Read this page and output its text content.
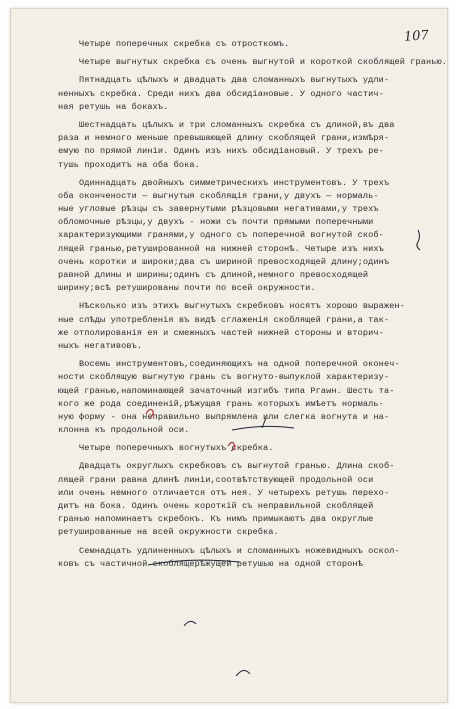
107
Четыре поперечных скребка съ отросткомъ.
Четыре выгнутых скребка съ очень выгнутой и короткой скоблящей гранью.
Пятнадцать цѣлыхъ и двадцать два сломанныхъ выгнутыхъ удли-
ненныхъ скребка. Среди нихъ два обсидiановые. У одного частич-
ная ретушь на бокахъ.
Шестнадцать цѣлыхъ и три сломанныхъ скребка съ длиной,въ два
раза и немного меньше превышающей длину скоблящей грани,измѣря-
емую по прямой линiи. Одинъ изъ нихъ обсидiановый. У трехъ ре-
тушь проходитъ на оба бока.
Одиннадцать двойныхъ симметрическихъ инструментовъ. У трехъ
оба окончености — выгнутыя скоблящiя грани,у двухъ — нормаль-
ные угловые рѣзцы съ завернутыми рѣзцовыми негативами,у трехъ
обломочные рѣзцы,у двухъ - ножи съ почти прямыми поперечными
характеризующими гранями,у одного съ поперечной вогнутой скоб-
лящей гранью,ретушированной на нижней сторонѣ. Четыре изъ нихъ
очень коротки и широки;два съ шириной превосходящей длину;одинъ
равной длины и ширины;одинъ съ длиной,немного превосходящей
ширину;всѣ ретушированы почти по всей окружности.
Нѣсколько изъ этихъ выгнутыхъ скребковъ носятъ хорошо выражен-
ные слѣды употребленiя въ видѣ сглаженiя скоблящей грани,а так-
же отполированiя ея и смежныхъ частей нижней стороны и вторич-
ныхъ негативовъ.
Восемь инструментовъ,соединяющихъ на одной поперечной оконеч-
ности скоблящую выгнутую грань съ вогнуто-выпуклой характеризу-
ющей гранью,напоминающей зачаточный изгибъ типа Ргаwн. Шесть та-
кого же рода соединенiй,рѣжущая грань которыхъ имѣетъ нормаль-
ную форму - она неправильно выпрямлена или слегка вогнута и на-
клонна къ продольной оси.
Четыре поперечныхъ вогнутыхъ скребка.
Двадцать округлыхъ скребковъ съ выгнутой гранью. Длина скоб-
лящей грани равна длинѣ линiи,соотвѣтствующей продольной оси
или очень немного отличается отъ нея. У четырехъ ретушь перехо-
дитъ на бока. Одинъ очень короткiй съ неправильной скоблящей
гранью напоминаетъ скребокъ. Къ нимъ примыкаютъ два округлые
ретушированные на всей окружности скребка.
Семнадцать удлиненныхъ цѣлыхъ и сломанныхъ ножевидныхъ оскол-
ковъ съ частичной скоблящерѣжущей ретушью на одной сторонѣ
